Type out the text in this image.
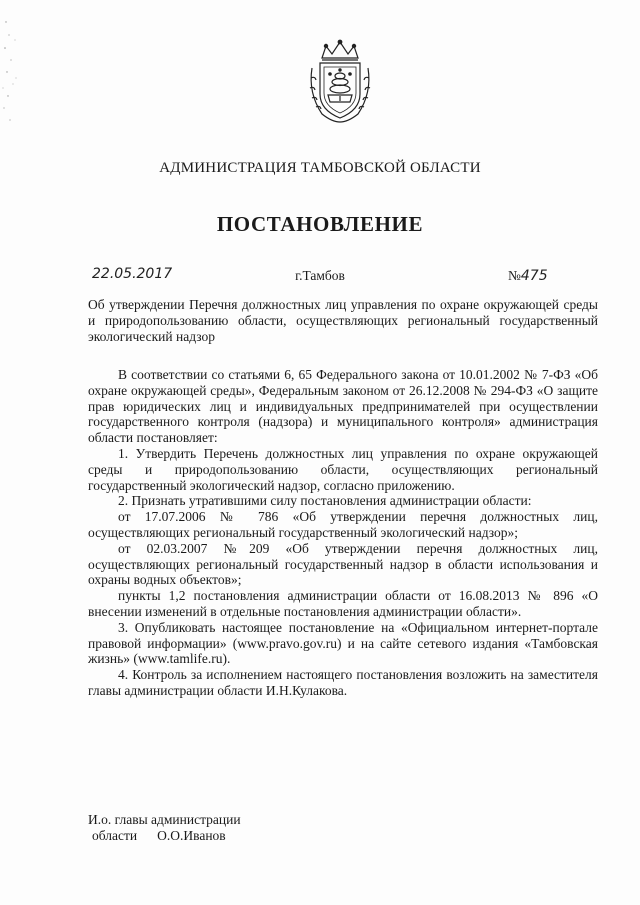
АДМИНИСТРАЦИЯ ТАМБОВСКОЙ ОБЛАСТИ
ПОСТАНОВЛЕНИЕ
22.05.2017	г.Тамбов	№475
Об утверждении Перечня должностных лиц управления по охране окружающей среды и природопользованию области, осуществляющих региональный государственный экологический надзор

В соответствии со статьями 6, 65 Федерального закона от 10.01.2002 № 7-ФЗ «Об охране окружающей среды», Федеральным законом от 26.12.2008 № 294-ФЗ «О защите прав юридических лиц и индивидуальных предпринимателей при осуществлении государственного контроля (надзора) и муниципального контроля» администрация области постановляет:

1. Утвердить Перечень должностных лиц управления по охране окружающей среды и природопользованию области, осуществляющих региональный государственный экологический надзор, согласно приложению.

2. Признать утратившими силу постановления администрации области:

от 17.07.2006 № 786 «Об утверждении перечня должностных лиц, осуществляющих региональный государственный экологический надзор»;

от 02.03.2007 №209 «Об утверждении перечня должностных лиц, осуществляющих региональный государственный надзор в области использования и охраны водных объектов»;

пункты 1,2 постановления администрации области от 16.08.2013 № 896 «О внесении изменений в отдельные постановления администрации области».

3. Опубликовать настоящее постановление на «Официальном интернет-портале правовой информации» (www.pravo.gov.ru) и на сайте сетевого издания «Тамбовская жизнь» (www.tamlife.ru).

4. Контроль за исполнением настоящего постановления возложить на заместителя главы администрации области И.Н.Кулакова.

И.о. главы администрации
области О.О.Иванов
